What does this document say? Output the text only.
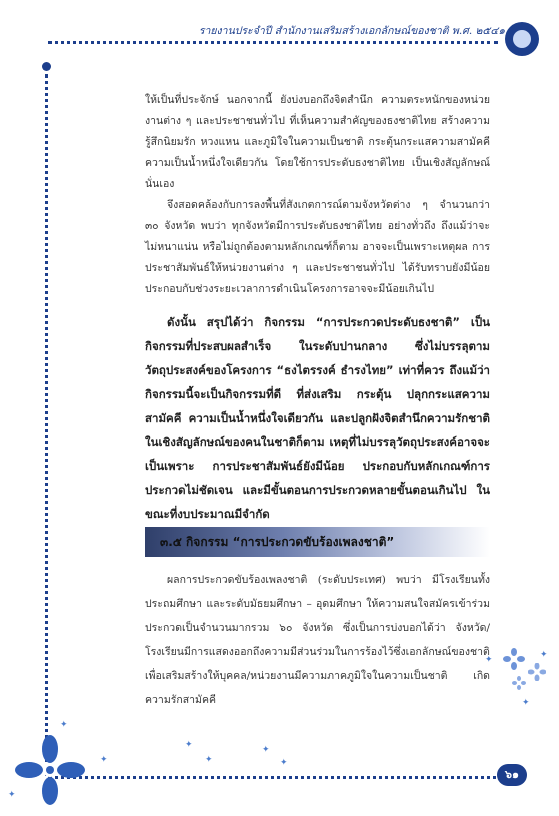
รายงานประจำปี สำนักงานเสริมสร้างเอกลักษณ์ของชาติ พ.ศ. ๒๕๔๑

ให้เป็นที่ประจักษ์ นอกจากนี้ ยังบ่งบอกถึงจิตสำนึก ความตระหนักของหน่วยงานต่าง ๆ และประชาชนทั่วไป ที่เห็นความสำคัญของธงชาติไทย สร้างความรู้สึกนิยมรัก หวงแหน และภูมิใจในความเป็นชาติ กระตุ้นกระแสความสามัคคี ความเป็นน้ำหนึ่งใจเดียวกัน โดยใช้การประดับธงชาติไทย เป็นเชิงสัญลักษณ์ นั่นเอง

จึงสอดคล้องกับการลงพื้นที่สังเกตการณ์ตามจังหวัดต่าง ๆ จำนวนกว่า ๓๐ จังหวัด พบว่า ทุกจังหวัดมีการประดับธงชาติไทย อย่างทั่วถึง ถึงแม้ว่าจะไม่หนาแน่น หรือไม่ถูกต้องตามหลักเกณฑ์ก็ตาม อาจจะเป็นเพราะเหตุผล การประชาสัมพันธ์ให้หน่วยงานต่าง ๆ และประชาชนทั่วไป ได้รับทราบยังมีน้อย ประกอบกับช่วงระยะเวลาการดำเนินโครงการอาจจะมีน้อยเกินไป

ดังนั้น สรุปได้ว่า กิจกรรม “การประกวดประดับธงชาติ” เป็นกิจกรรมที่ประสบผลสำเร็จ ในระดับปานกลาง ซึ่งไม่บรรลุตามวัตถุประสงค์ของโครงการ “ธงไตรรงค์ ธำรงไทย” เท่าที่ควร ถึงแม้ว่ากิจกรรมนี้จะเป็นกิจกรรมที่ดี ที่ส่งเสริม กระตุ้น ปลุกกระแสความสามัคคี ความเป็นน้ำหนึ่งใจเดียวกัน และปลูกฝังจิตสำนึกความรักชาติ ในเชิงสัญลักษณ์ของคนในชาติก็ตาม เหตุที่ไม่บรรลุวัตถุประสงค์อาจจะเป็นเพราะ การประชาสัมพันธ์ยังมีน้อย ประกอบกับหลักเกณฑ์การประกวดไม่ชัดเจน และมีขั้นตอนการประกวดหลายขั้นตอนเกินไป ในขณะที่งบประมาณมีจำกัด

๓.๕ กิจกรรม “การประกวดขับร้องเพลงชาติ”

ผลการประกวดขับร้องเพลงชาติ (ระดับประเทศ) พบว่า มีโรงเรียนทั้งประถมศึกษา และระดับมัธยมศึกษา – อุดมศึกษา ให้ความสนใจสมัครเข้าร่วมประกวดเป็นจำนวนมากรวม ๖๐ จังหวัด ซึ่งเป็นการบ่งบอกได้ว่า จังหวัด/โรงเรียนมีการแสดงออกถึงความมีส่วนร่วมในการร้องไว้ซึ่งเอกลักษณ์ของชาติ เพื่อเสริมสร้างให้บุคคล/หน่วยงานมีความภาคภูมิใจในความเป็นชาติ เกิดความรักสามัคคี

๖๑
✦	✦
✦
✦
✦
✦
✦
✦
✦
✦
